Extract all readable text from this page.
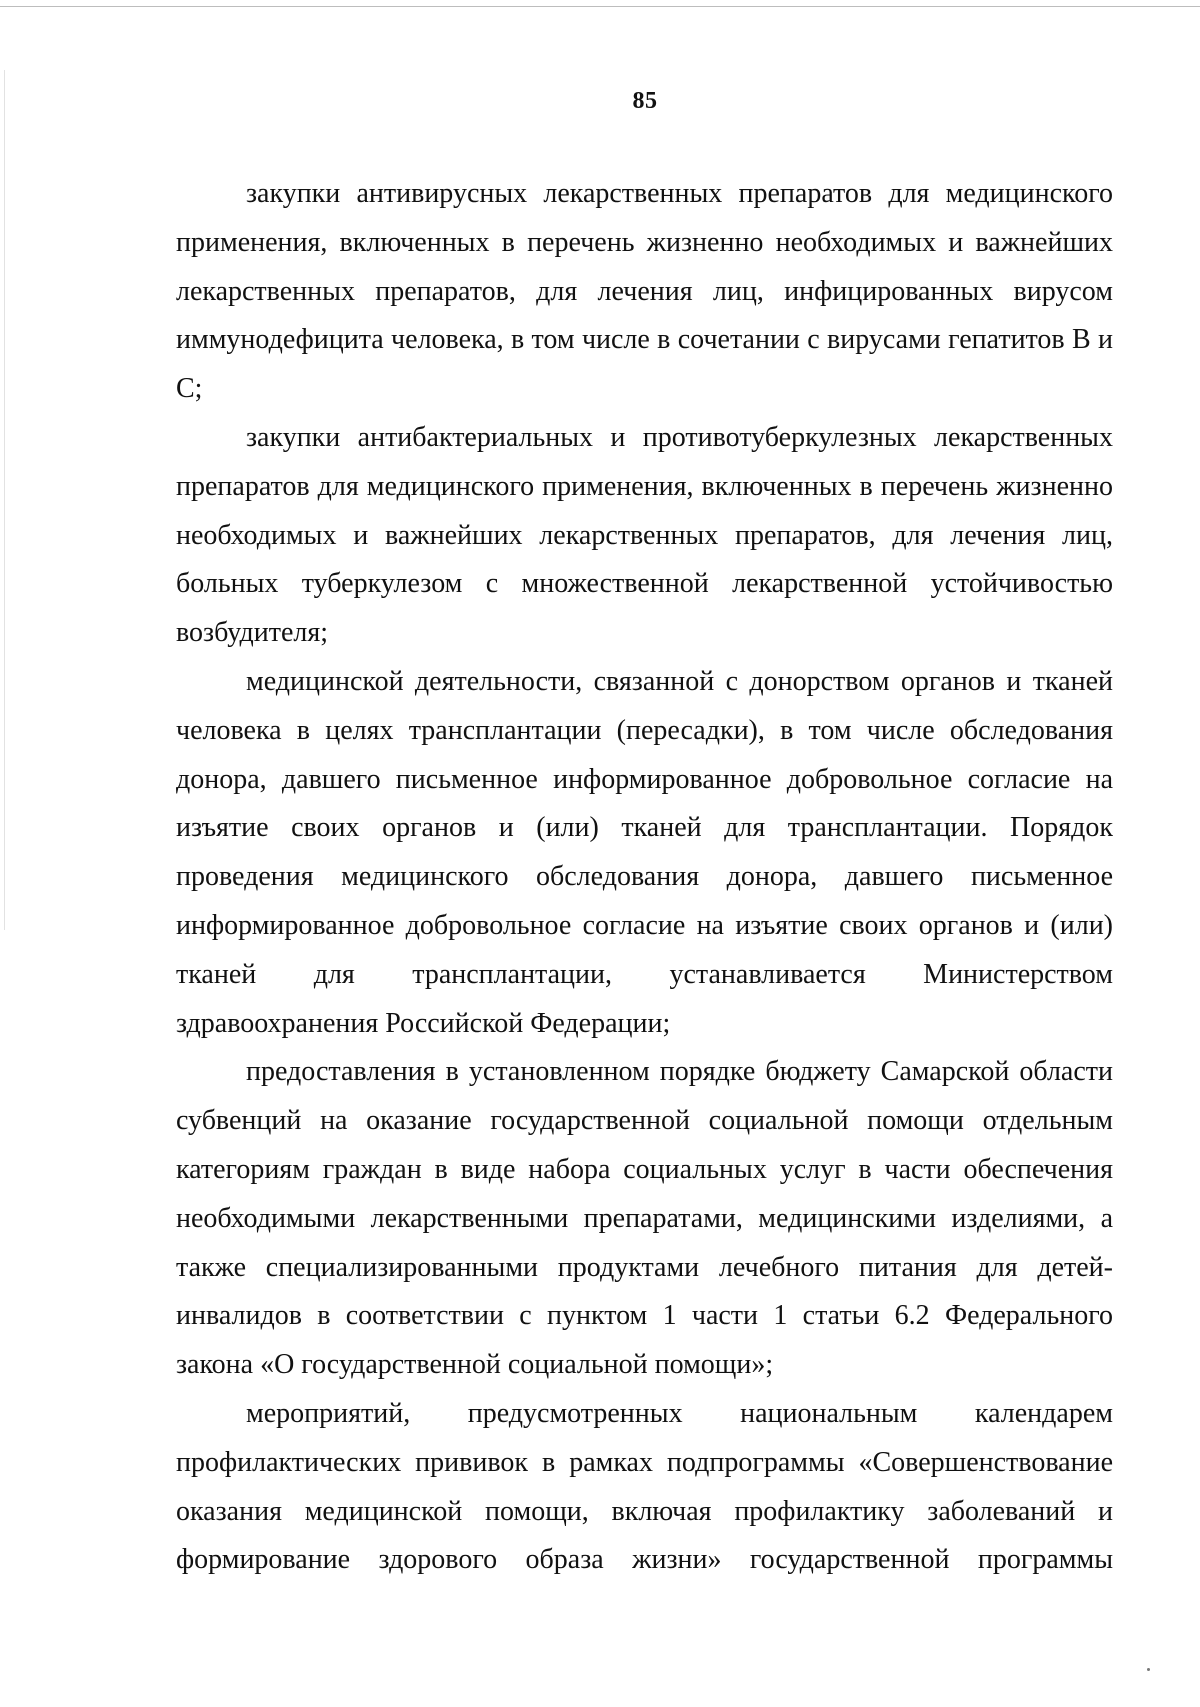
85

закупки антивирусных лекарственных препаратов для медицинского применения, включенных в перечень жизненно необходимых и важнейших лекарственных препаратов, для лечения лиц, инфицированных вирусом иммунодефицита человека, в том числе в сочетании с вирусами гепатитов В и С;

закупки антибактериальных и противотуберкулезных лекарственных препаратов для медицинского применения, включенных в перечень жизненно необходимых и важнейших лекарственных препаратов, для лечения лиц, больных туберкулезом с множественной лекарственной устойчивостью возбудителя;

медицинской деятельности, связанной с донорством органов и тканей человека в целях трансплантации (пересадки), в том числе обследования донора, давшего письменное информированное добровольное согласие на изъятие своих органов и (или) тканей для трансплантации. Порядок проведения медицинского обследования донора, давшего письменное информированное добровольное согласие на изъятие своих органов и (или) тканей для трансплантации, устанавливается Министерством здравоохранения Российской Федерации;

предоставления в установленном порядке бюджету Самарской области субвенций на оказание государственной социальной помощи отдельным категориям граждан в виде набора социальных услуг в части обеспечения необходимыми лекарственными препаратами, медицинскими изделиями, а также специализированными продуктами лечебного питания для детей-инвалидов в соответствии с пунктом 1 части 1 статьи 6.2 Федерального закона «О государственной социальной помощи»;

мероприятий, предусмотренных национальным календарем профилактических прививок в рамках подпрограммы «Совершенствование оказания медицинской помощи, включая профилактику заболеваний и формирование здорового образа жизни» государственной программы
